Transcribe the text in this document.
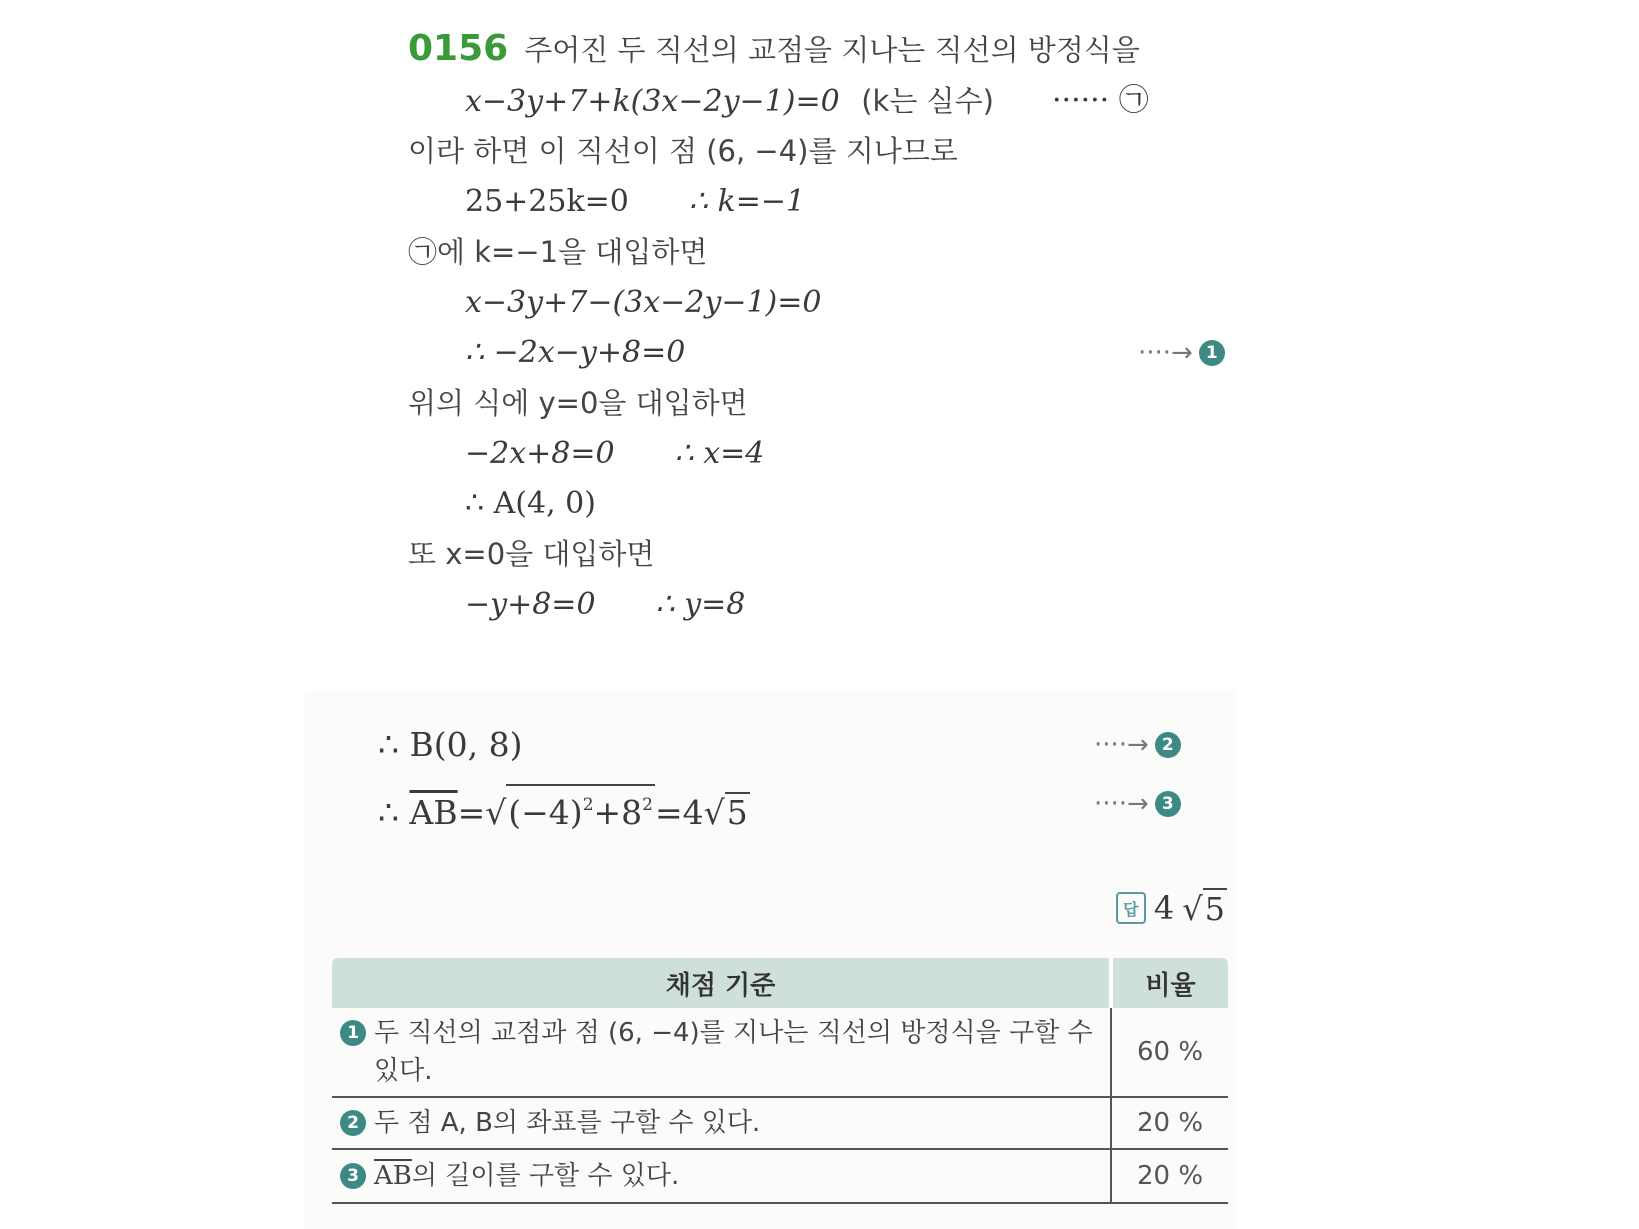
0156 주어진 두 직선의 교점을 지나는 직선의 방정식을
x−3y+7+k(3x−2y−1)=0 (k는 실수) ······ ㉠
이라 하면 이 직선이 점 (6, −4)를 지나므로
25+25k=0 ∴ k=−1
㉠에 k=−1을 대입하면
x−3y+7−(3x−2y−1)=0
∴ −2x−y+8=0	····→ 1
위의 식에 y=0을 대입하면
−2x+8=0 ∴ x=4
∴ A(4, 0)
또 x=0을 대입하면
−y+8=0 ∴ y=8
∴ B(0, 8)	····→ 2
∴ $\overline{AB}=√(-4)^2+8^2=4√5$	····→ 3
답 4 √5
채점 기준	비율

1 두 직선의 교점과 점 (6, −4)를 지나는 직선의 방정식을 구할 수 있다.	60 %

2 두 점 A, B의 좌표를 구할 수 있다.	20 %

3 $\overline{AB}$의 길이를 구할 수 있다.	20 %
